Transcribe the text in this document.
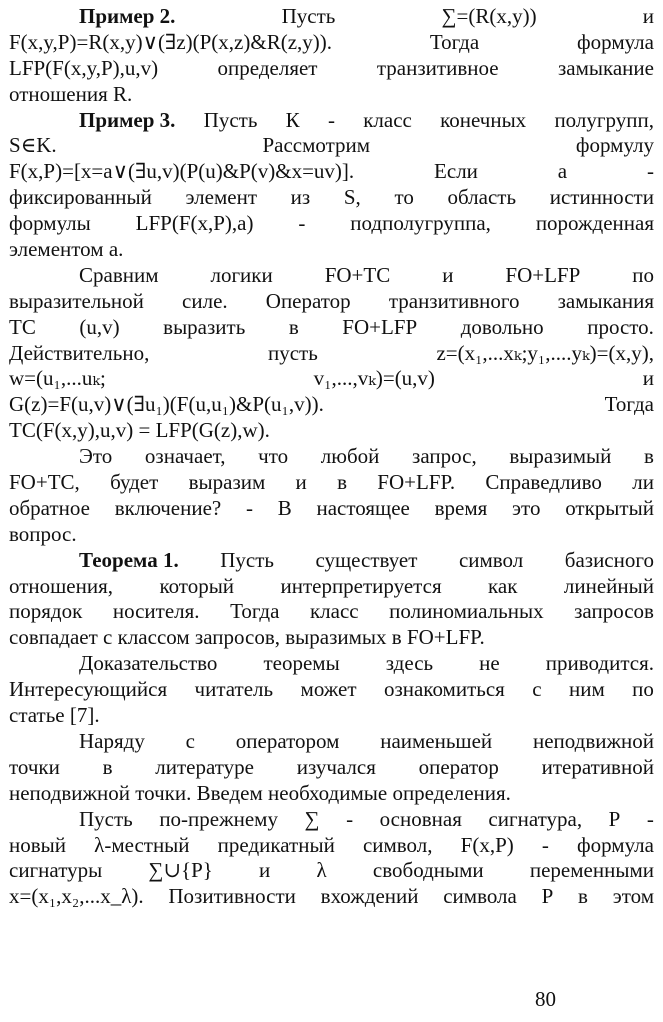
Пример 2.	Пусть	∑=(R(x,y))	и
F(x,y,P)=R(x,y)∨(∃z)(P(x,z)&R(z,y)).	Тогда	формула
LFP(F(x,y,P),u,v)	определяет	транзитивное	замыкание
отношения R.
Пример 3. Пусть К - класс конечных полугрупп,
S∈K.	Рассмотрим	формулу
F(x,P)=[x=a∨(∃u,v)(P(u)&P(v)&x=uv)].	Если	а	-
фиксированный элемент из S, то область истинности
формулы LFP(F(x,P),a) - подполугруппа, порожденная
элементом а.
Сравним логики FO+TC и FO+LFP по
выразительной силе. Оператор транзитивного замыкания
TC (u,v) выразить в FO+LFP довольно просто.
Действительно,	пусть	z=(x₁,...xₖ;y₁,....yₖ)=(x,y),
w=(u₁,...uₖ;	v₁,...,vₖ)=(u,v)	и
G(z)=F(u,v)∨(∃u₁)(F(u,u₁)&P(u₁,v)).	Тогда
TC(F(x,y),u,v) = LFP(G(z),w).
Это означает, что любой запрос, выразимый в
FO+TC, будет выразим и в FO+LFP. Справедливо ли
обратное включение? - В настоящее время это открытый
вопрос.
Теорема 1. Пусть существует символ базисного
отношения, который интерпретируется как линейный
порядок носителя. Тогда класс полиномиальных запросов
совпадает с классом запросов, выразимых в FO+LFP.
Доказательство теоремы здесь не приводится.
Интересующийся читатель может ознакомиться с ним по
статье [7].
Наряду с оператором наименьшей неподвижной
точки в литературе изучался оператор итеративной
неподвижной точки. Введем необходимые определения.
Пусть по-прежнему ∑ - основная сигнатура, Р -
новый λ-местный предикатный символ, F(x,P) - формула
сигнатуры ∑∪{P} и λ свободными переменными
x=(x₁,x₂,...x_λ). Позитивности вхождений символа Р в этом
80
